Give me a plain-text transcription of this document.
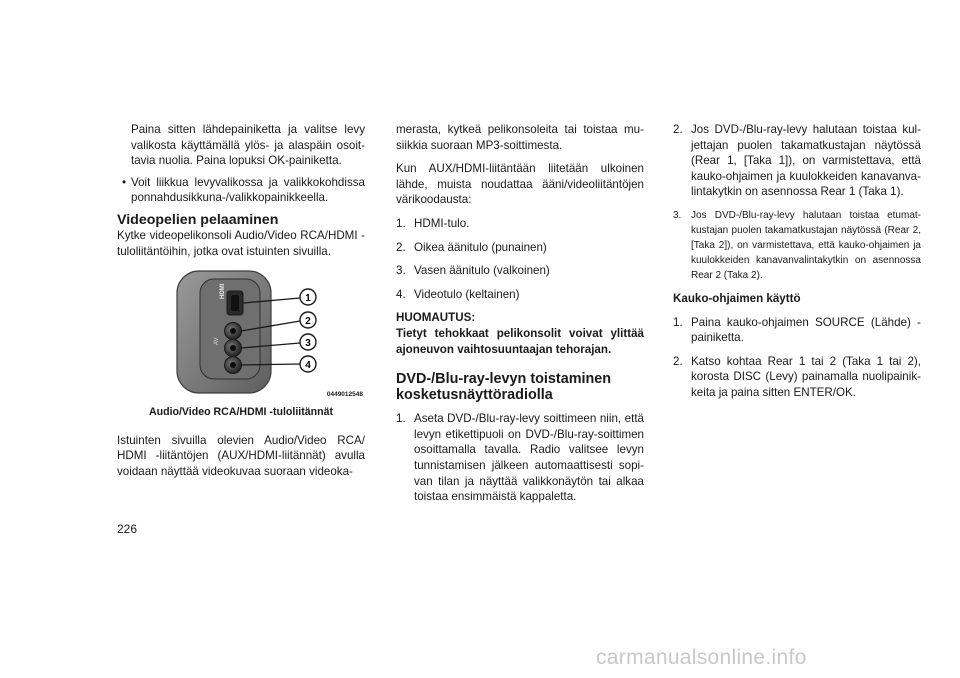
Paina sitten lähdepainiketta ja valitse levy valikosta käyttämällä ylös- ja alaspäin osoit-tavia nuolia. Paina lopuksi OK-painiketta.

• Voit liikkua levyvalikossa ja valikkokohdissa ponnahdusikkuna-/valikkopainikkeella.

Videopelien pelaaminen

Kytke videopelikonsoli Audio/Video RCA/HDMI -tuloliitäntöihin, jotka ovat istuinten sivuilla.

HDMI
AV
1
2
3
4
0449012548

Audio/Video RCA/HDMI -tuloliitännät

Istuinten sivuilla olevien Audio/Video RCA/ HDMI -liitäntöjen (AUX/HDMI-liitännät) avulla voidaan näyttää videokuvaa suoraan videoka-

merasta, kytkeä pelikonsoleita tai toistaa mu-siikkia suoraan MP3-soittimesta.

Kun AUX/HDMI-liitäntään liitetään ulkoinen lähde, muista noudattaa ääni/videoliitäntöjen värikoodausta:

1. HDMI-tulo.
2. Oikea äänitulo (punainen)
3. Vasen äänitulo (valkoinen)
4. Videotulo (keltainen)

HUOMAUTUS:

Tietyt tehokkaat pelikonsolit voivat ylittää ajoneuvon vaihtosuuntaajan tehorajan.

DVD-/Blu-ray-levyn toistaminen kosketusnäyttöradiolla

1. Aseta DVD-/Blu-ray-levy soittimeen niin, että levyn etikettipuoli on DVD-/Blu-ray-soittimen osoittamalla tavalla. Radio valitsee levyn tunnistamisen jälkeen automaattisesti sopi-van tilan ja näyttää valikkonäytön tai alkaa toistaa ensimmäistä kappaletta.
2. Jos DVD-/Blu-ray-levy halutaan toistaa kul-jettajan puolen takamatkustajan näytössä (Rear 1, [Taka 1]), on varmistettava, että kauko-ohjaimen ja kuulokkeiden kanavanva-lintakytkin on asennossa Rear 1 (Taka 1).
3. Jos DVD-/Blu-ray-levy halutaan toistaa etumat-kustajan puolen takamatkustajan näytössä (Rear 2, [Taka 2]), on varmistettava, että kauko-ohjaimen ja kuulokkeiden kanavanvalintakytkin on asennossa Rear 2 (Taka 2).

Kauko-ohjaimen käyttö

1. Paina kauko-ohjaimen SOURCE (Lähde) -painiketta.
2. Katso kohtaa Rear 1 tai 2 (Taka 1 tai 2), korosta DISC (Levy) painamalla nuolipainik-keita ja paina sitten ENTER/OK.
226
carmanualsonline.info
